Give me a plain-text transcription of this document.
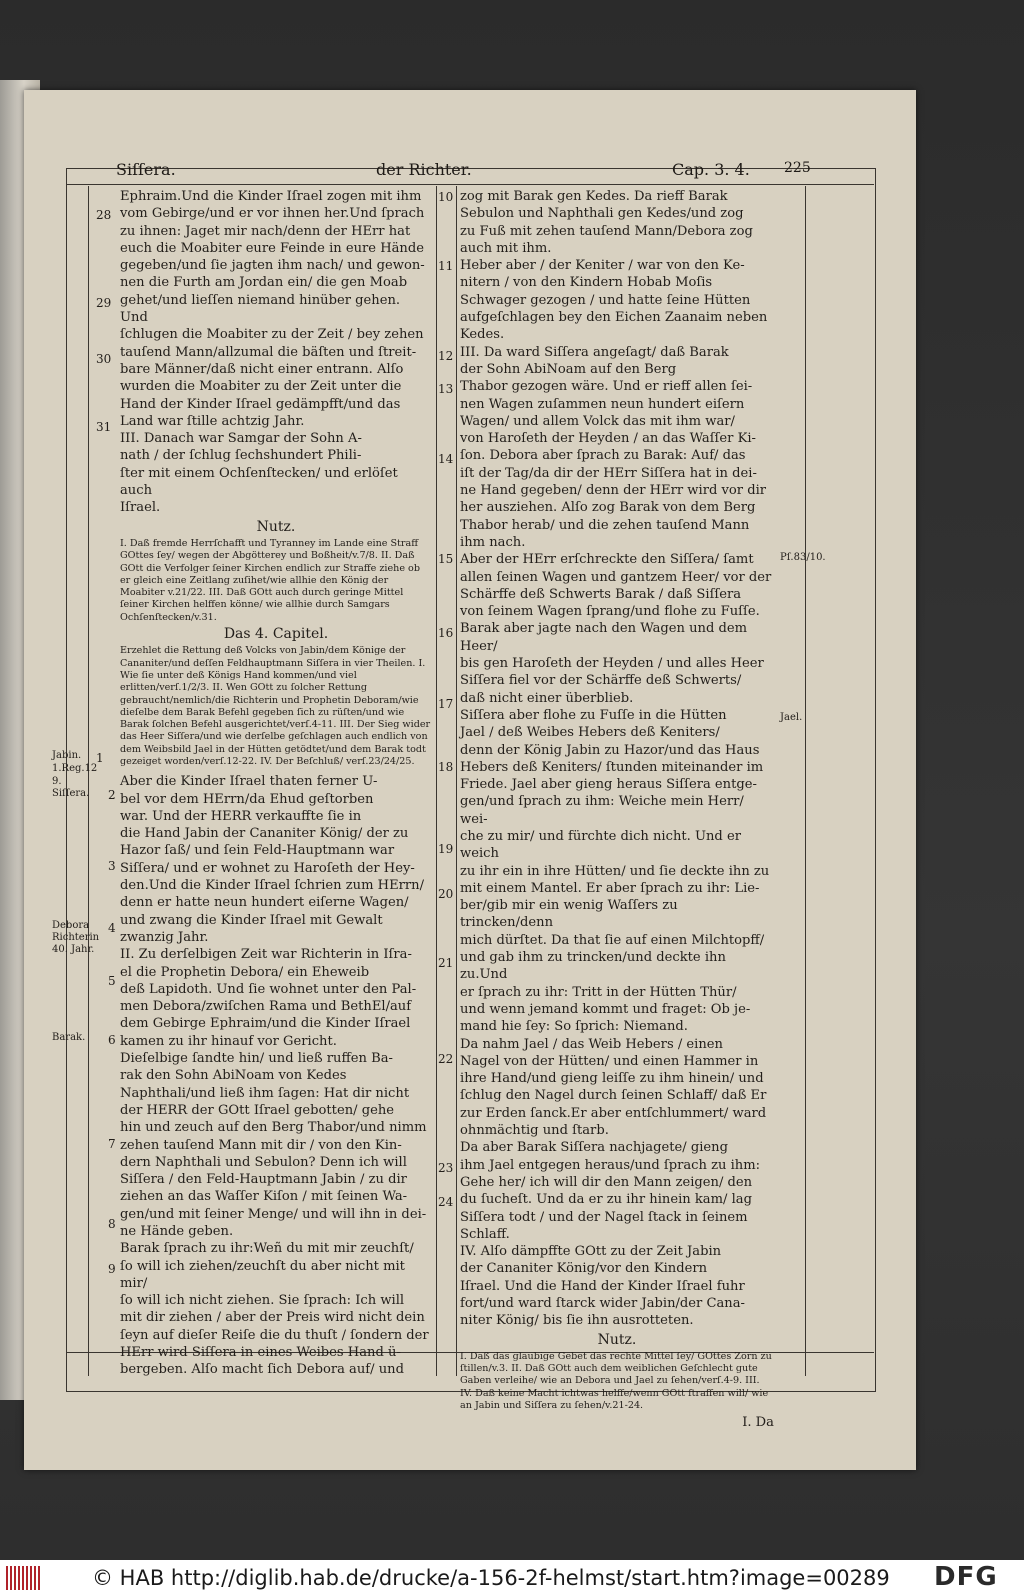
Siſſera.	der Richter.	Cap. 3. 4. 225

Ephraim.Und die Kinder Iſrael zogen mit ihm

vom Gebirge/und er vor ihnen her.Und ſprach

zu ihnen: Jaget mir nach/denn der HErr hat

euch die Moabiter eure Feinde in eure Hände

gegeben/und ſie jagten ihm nach/ und gewon-

nen die Furth am Jordan ein/ die gen Moab

gehet/und lieſſen niemand hinüber gehen. Und

ſchlugen die Moabiter zu der Zeit / bey zehen

tauſend Mann/allzumal die bäſten und ſtreit-

bare Männer/daß nicht einer entrann. Alſo

wurden die Moabiter zu der Zeit unter die

Hand der Kinder Iſrael gedämpfft/und das

Land war ſtille achtzig Jahr.

III. Danach war Samgar der Sohn A-

nath / der ſchlug ſechshundert Phili-

ſter mit einem Ochſenſtecken/ und erlöſet auch

Iſrael.

Nutz.

I. Daß fremde Herrſchafft und Tyranney im Lande eine Straff GOttes ſey/ wegen der Abgötterey und Boßheit/v.7/8. II. Daß GOtt die Verfolger ſeiner Kirchen endlich zur Straffe ziehe ob er gleich eine Zeitlang zuſihet/wie allhie den König der Moabiter v.21/22. III. Daß GOtt auch durch geringe Mittel ſeiner Kirchen helffen könne/ wie allhie durch Samgars Ochſenſtecken/v.31.

Das 4. Capitel.

Erzehlet die Rettung deß Volcks von Jabin/dem Könige der Cananiter/und deſſen Feldhauptmann Siſſera in vier Theilen. I. Wie ſie unter deß Königs Hand kommen/und viel erlitten/verſ.1/2/3. II. Wen GOtt zu ſolcher Rettung gebraucht/nemlich/die Richterin und Prophetin Deboram/wie dieſelbe dem Barak Befehl gegeben ſich zu rüſten/und wie Barak ſolchen Befehl ausgerichtet/verſ.4-11. III. Der Sieg wider das Heer Siſſera/und wie derſelbe geſchlagen auch endlich von dem Weibsbild Jael in der Hütten getödtet/und dem Barak todt gezeiget worden/verſ.12-22. IV. Der Beſchluß/ verſ.23/24/25.

Aber die Kinder Iſrael thaten ferner U-

bel vor dem HErrn/da Ehud geſtorben

war. Und der HERR verkauffte ſie in

die Hand Jabin der Cananiter König/ der zu

Hazor ſaß/ und ſein Feld-Hauptmann war

Siſſera/ und er wohnet zu Haroſeth der Hey-

den.Und die Kinder Iſrael ſchrien zum HErrn/

denn er hatte neun hundert eiſerne Wagen/

und zwang die Kinder Iſrael mit Gewalt

zwanzig Jahr.

II. Zu derſelbigen Zeit war Richterin in Iſra-

el die Prophetin Debora/ ein Eheweib

deß Lapidoth. Und ſie wohnet unter den Pal-

men Debora/zwiſchen Rama und BethEl/auf

dem Gebirge Ephraim/und die Kinder Iſrael

kamen zu ihr hinauf vor Gericht.

Dieſelbige ſandte hin/ und ließ ruffen Ba-

rak den Sohn AbiNoam von Kedes

Naphthali/und ließ ihm ſagen: Hat dir nicht

der HERR der GOtt Iſrael gebotten/ gehe

hin und zeuch auf den Berg Thabor/und nimm

zehen tauſend Mann mit dir / von den Kin-

dern Naphthali und Sebulon? Denn ich will

Siſſera / den Feld-Hauptmann Jabin / zu dir

ziehen an das Waſſer Kiſon / mit ſeinen Wa-

gen/und mit ſeiner Menge/ und will ihn in dei-

ne Hände geben.

Barak ſprach zu ihr:Weñ du mit mir zeuchſt/

ſo will ich ziehen/zeuchſt du aber nicht mit mir/

ſo will ich nicht ziehen. Sie ſprach: Ich will

mit dir ziehen / aber der Preis wird nicht dein

ſeyn auf dieſer Reiſe die du thuſt / ſondern der

HErr wird Siſſera in eines Weibes Hand ü-

bergeben. Alſo macht ſich Debora auf/ und

zog mit Barak gen Kedes. Da rieff Barak

Sebulon und Naphthali gen Kedes/und zog

zu Fuß mit zehen tauſend Mann/Debora zog

auch mit ihm.

Heber aber / der Keniter / war von den Ke-

nitern / von den Kindern Hobab Moſis

Schwager gezogen / und hatte ſeine Hütten

aufgeſchlagen bey den Eichen Zaanaim neben

Kedes.

III. Da ward Siſſera angeſagt/ daß Barak

der Sohn AbiNoam auf den Berg

Thabor gezogen wäre. Und er rieff allen ſei-

nen Wagen zuſammen neun hundert eiſern

Wagen/ und allem Volck das mit ihm war/

von Haroſeth der Heyden / an das Waſſer Ki-

ſon. Debora aber ſprach zu Barak: Auf/ das

iſt der Tag/da dir der HErr Siſſera hat in dei-

ne Hand gegeben/ denn der HErr wird vor dir

her ausziehen. Alſo zog Barak von dem Berg

Thabor herab/ und die zehen tauſend Mann

ihm nach.

Aber der HErr erſchreckte den Siſſera/ ſamt

allen ſeinen Wagen und gantzem Heer/ vor der

Schärffe deß Schwerts Barak / daß Siſſera

von ſeinem Wagen ſprang/und flohe zu Fuſſe.

Barak aber jagte nach den Wagen und dem Heer/

bis gen Haroſeth der Heyden / und alles Heer

Siſſera fiel vor der Schärffe deß Schwerts/

daß nicht einer überblieb.

Siſſera aber flohe zu Fuſſe in die Hütten

Jael / deß Weibes Hebers deß Keniters/

denn der König Jabin zu Hazor/und das Haus

Hebers deß Keniters/ ſtunden miteinander im

Friede. Jael aber gieng heraus Siſſera entge-

gen/und ſprach zu ihm: Weiche mein Herr/ wei-

che zu mir/ und fürchte dich nicht. Und er weich

zu ihr ein in ihre Hütten/ und ſie deckte ihn zu

mit einem Mantel. Er aber ſprach zu ihr: Lie-

ber/gib mir ein wenig Waſſers zu trincken/denn

mich dürſtet. Da that ſie auf einen Milchtopff/

und gab ihm zu trincken/und deckte ihn zu.Und

er ſprach zu ihr: Tritt in der Hütten Thür/

und wenn jemand kommt und fraget: Ob je-

mand hie ſey: So ſprich: Niemand.

Da nahm Jael / das Weib Hebers / einen

Nagel von der Hütten/ und einen Hammer in

ihre Hand/und gieng leiſſe zu ihm hinein/ und

ſchlug den Nagel durch ſeinen Schlaff/ daß Er

zur Erden ſanck.Er aber entſchlummert/ ward

ohnmächtig und ſtarb.

Da aber Barak Siſſera nachjagete/ gieng

ihm Jael entgegen heraus/und ſprach zu ihm:

Gehe her/ ich will dir den Mann zeigen/ den

du ſucheſt. Und da er zu ihr hinein kam/ lag

Siſſera todt / und der Nagel ſtack in ſeinem

Schlaff.

IV. Alſo dämpffte GOtt zu der Zeit Jabin

der Cananiter König/vor den Kindern

Iſrael. Und die Hand der Kinder Iſrael fuhr

fort/und ward ſtarck wider Jabin/der Cana-

niter König/ bis ſie ihn ausrotteten.

Nutz.

I. Daß das glaubige Gebet das rechte Mittel ſey/ GOttes Zorn zu ſtillen/v.3. II. Daß GOtt auch dem weiblichen Geſchlecht gute Gaben verleihe/ wie an Debora und Jael zu ſehen/verſ.4-9. III. IV. Daß keine Macht ichtwas helffe/wenn GOtt ſtraffen will/ wie an Jabin und Siſſera zu ſehen/v.21-24.

I. Da

28
29
30
31
1
2
3
4
5
6
7
8
9
10
11
12
13
14
15
16
17
18
19
20
21
22
23
24
Jabin.
1.Reg.12
9.
Siſſera.
Debora
Richterin
40. Jahr.
Barak.
Pſ.83/10.
Jael.
© HAB http://diglib.hab.de/drucke/a-156-2f-helmst/start.htm?image=00289 DFG
